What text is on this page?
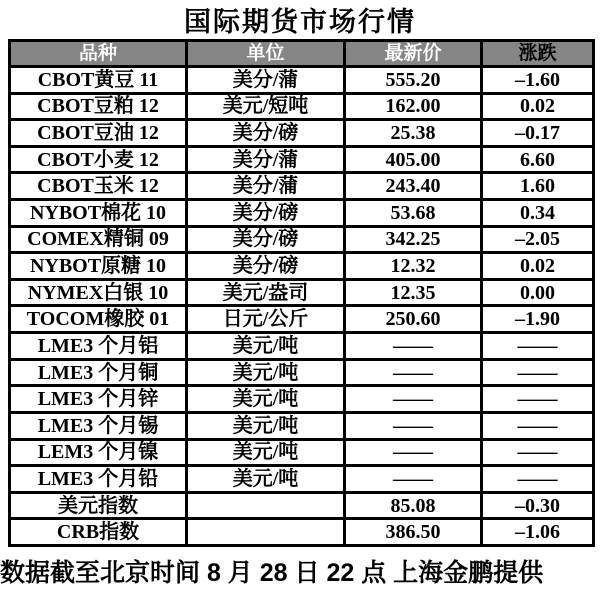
国际期货市场行情
品种	单位	最新价	涨跌
CBOT黄豆 11	美分/蒲	555.20	–1.60
CBOT豆粕 12	美元/短吨	162.00	0.02
CBOT豆油 12	美分/磅	25.38	–0.17
CBOT小麦 12	美分/蒲	405.00	6.60
CBOT玉米 12	美分/蒲	243.40	1.60
NYBOT棉花 10	美分/磅	53.68	0.34
COMEX精铜 09	美分/磅	342.25	–2.05
NYBOT原糖 10	美分/磅	12.32	0.02
NYMEX白银 10	美元/盎司	12.35	0.00
TOCOM橡胶 01	日元/公斤	250.60	–1.90
LME3 个月铝	美元/吨	——	——
LME3 个月铜	美元/吨	——	——
LME3 个月锌	美元/吨	——	——
LME3 个月锡	美元/吨	——	——
LEM3 个月镍	美元/吨	——	——
LME3 个月铅	美元/吨	——	——
美元指数		85.08	–0.30
CRB指数		386.50	–1.06
数据截至北京时间 8 月 28 日 22 点 上海金鹏提供
